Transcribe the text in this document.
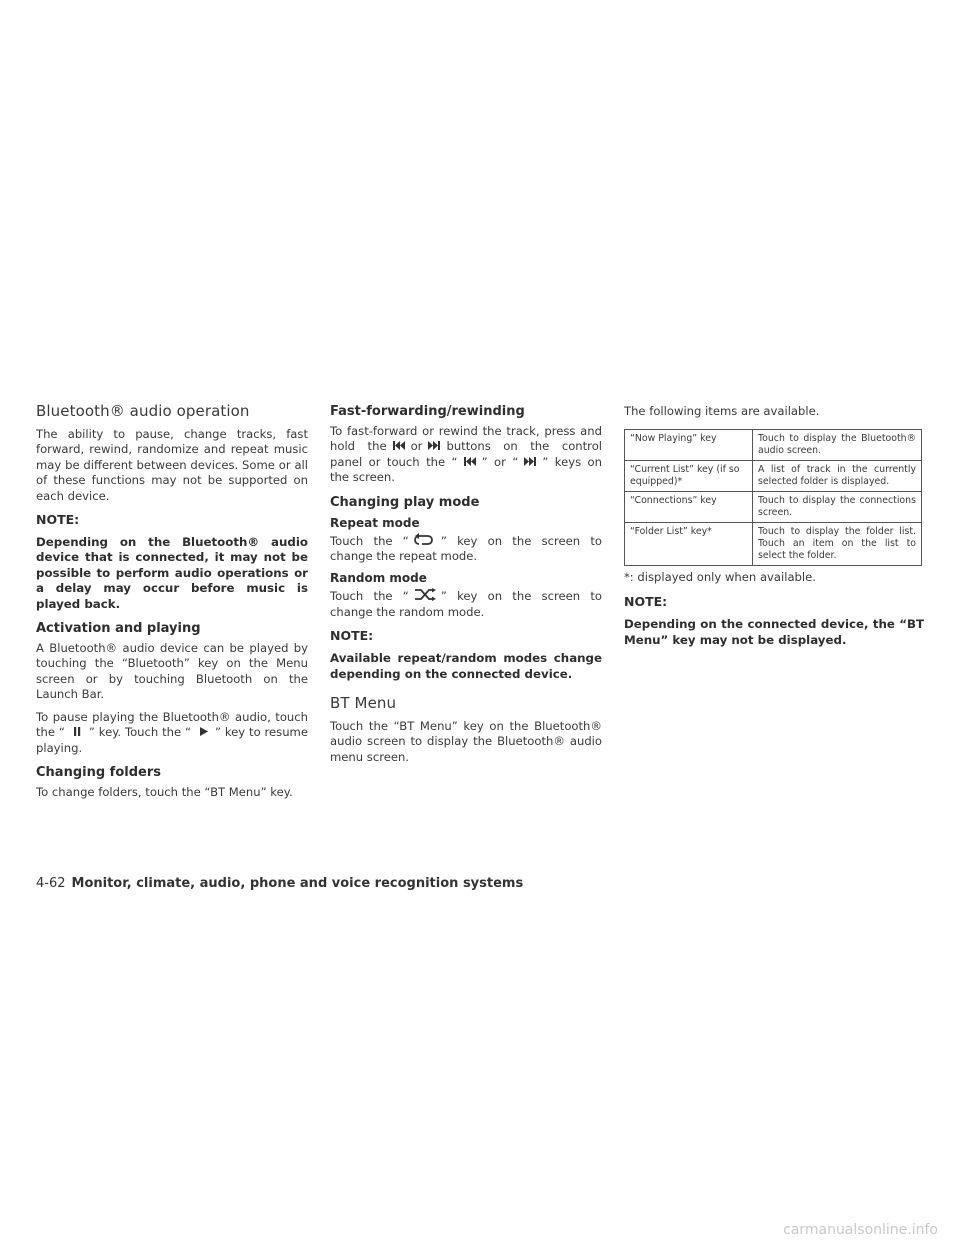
Bluetooth® audio operation

The ability to pause, change tracks, fast forward, rewind, randomize and repeat music may be different between devices. Some or all of these functions may not be supported on each device.

NOTE:

Depending on the Bluetooth® audio device that is connected, it may not be possible to perform audio operations or a delay may occur before music is played back.

Activation and playing

A Bluetooth® audio device can be played by touching the “Bluetooth” key on the Menu screen or by touching Bluetooth on the Launch Bar.

To pause playing the Bluetooth® audio, touch the “ ” key. Touch the “ ” key to resume playing.

Changing folders

To change folders, touch the “BT Menu” key.

Fast-forwarding/rewinding

To fast-forward or rewind the track, press and hold the or buttons on the control panel or touch the “ ” or “ ” keys on the screen.

Changing play mode
Repeat mode

Touch the “	” key on the screen to change the repeat mode.

Random mode

Touch the “	” key on the screen to change the random mode.

NOTE:

Available repeat/random modes change depending on the connected device.

BT Menu

Touch the “BT Menu” key on the Bluetooth® audio screen to display the Bluetooth® audio menu screen.

The following items are available.

“Now Playing” key	Touch to display the Bluetooth® audio screen.
“Current List” key (if so equipped)*	A list of track in the currently selected folder is displayed.
“Connections” key	Touch to display the connections screen.
“Folder List” key*	Touch to display the folder list. Touch an item on the list to select the folder.
*: displayed only when available.
NOTE:

Depending on the connected device, the “BT Menu” key may not be displayed.

4-62 Monitor, climate, audio, phone and voice recognition systems
carmanualsonline.info
